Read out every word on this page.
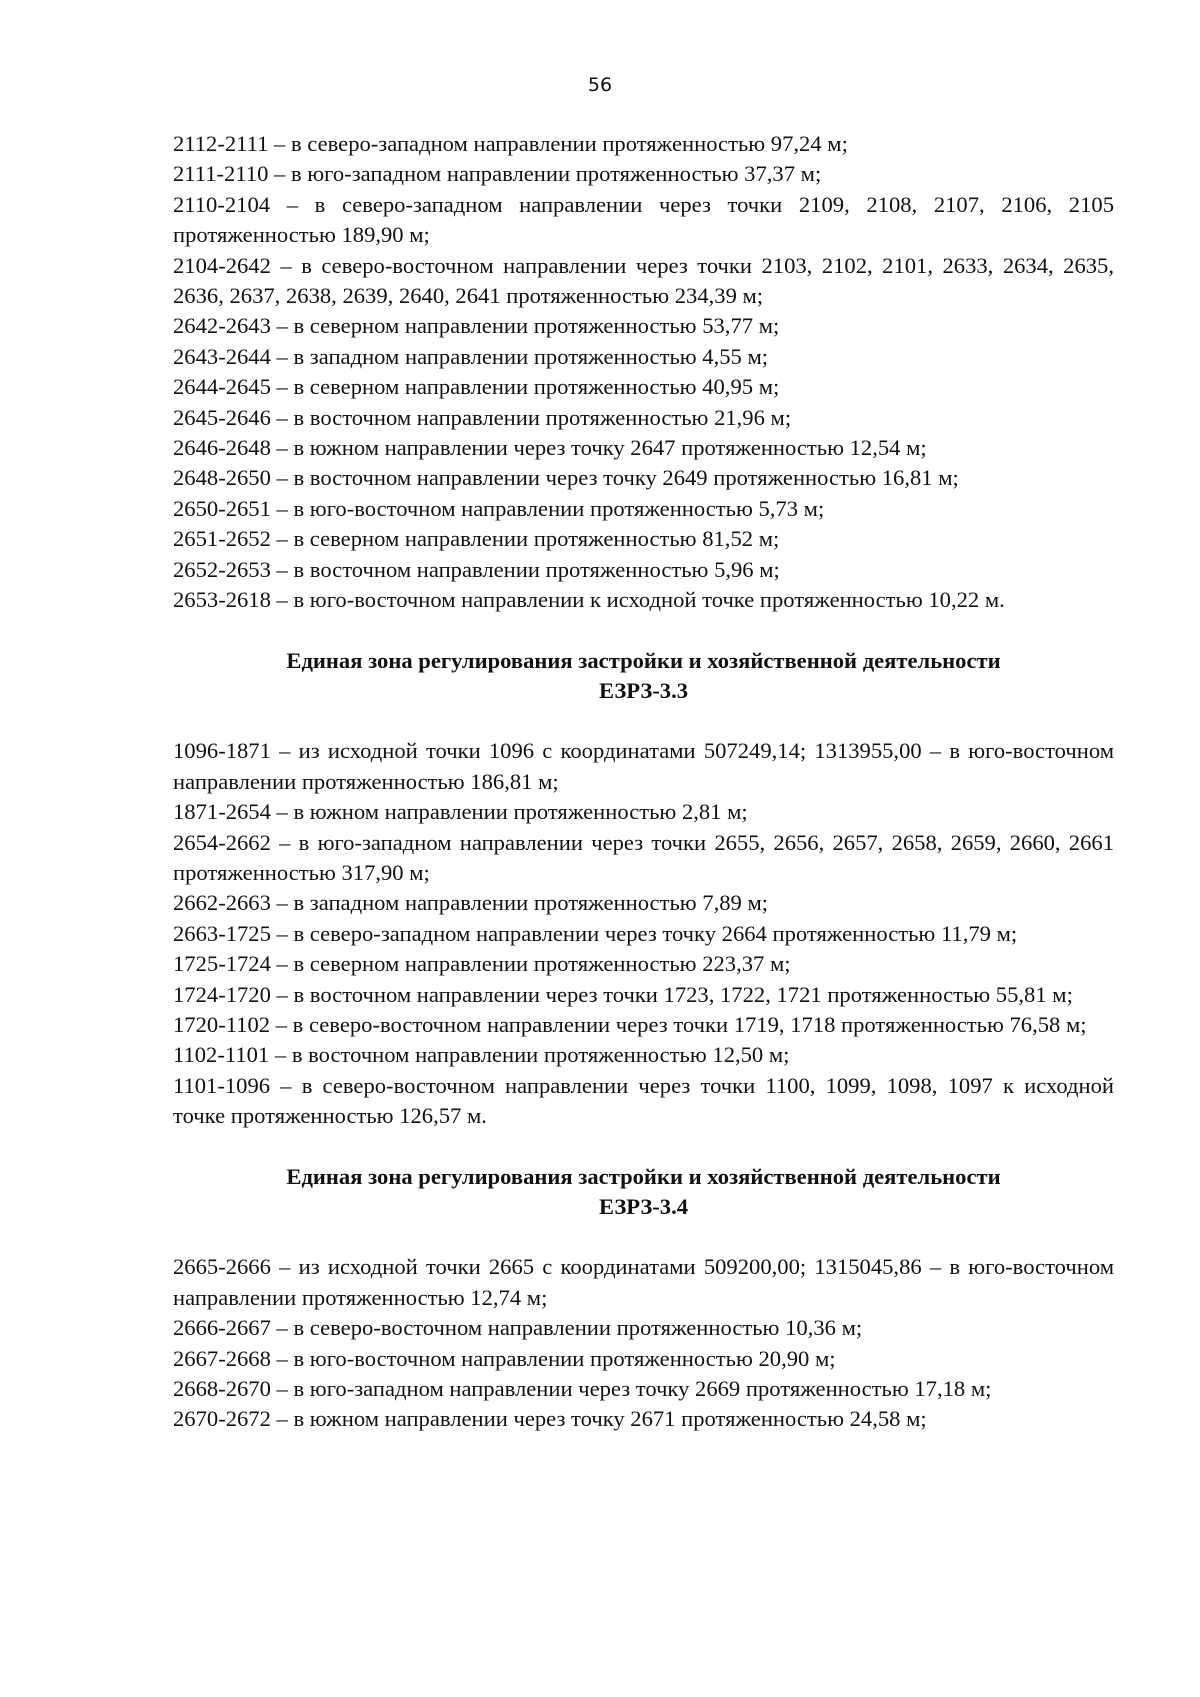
56

2112-2111 – в северо-западном направлении протяженностью 97,24 м;

2111-2110 – в юго-западном направлении протяженностью 37,37 м;

2110-2104 – в северо-западном направлении через точки 2109, 2108, 2107, 2106, 2105 протяженностью 189,90 м;

2104-2642 – в северо-восточном направлении через точки 2103, 2102, 2101, 2633, 2634, 2635, 2636, 2637, 2638, 2639, 2640, 2641 протяженностью 234,39 м;

2642-2643 – в северном направлении протяженностью 53,77 м;

2643-2644 – в западном направлении протяженностью 4,55 м;

2644-2645 – в северном направлении протяженностью 40,95 м;

2645-2646 – в восточном направлении протяженностью 21,96 м;

2646-2648 – в южном направлении через точку 2647 протяженностью 12,54 м;

2648-2650 – в восточном направлении через точку 2649 протяженностью 16,81 м;

2650-2651 – в юго-восточном направлении протяженностью 5,73 м;

2651-2652 – в северном направлении протяженностью 81,52 м;

2652-2653 – в восточном направлении протяженностью 5,96 м;

2653-2618 – в юго-восточном направлении к исходной точке протяженностью 10,22 м.

Единая зона регулирования застройки и хозяйственной деятельности

ЕЗРЗ-3.3

1096-1871 – из исходной точки 1096 с координатами 507249,14; 1313955,00 – в юго-восточном направлении протяженностью 186,81 м;

1871-2654 – в южном направлении протяженностью 2,81 м;

2654-2662 – в юго-западном направлении через точки 2655, 2656, 2657, 2658, 2659, 2660, 2661 протяженностью 317,90 м;

2662-2663 – в западном направлении протяженностью 7,89 м;

2663-1725 – в северо-западном направлении через точку 2664 протяженностью 11,79 м;

1725-1724 – в северном направлении протяженностью 223,37 м;

1724-1720 – в восточном направлении через точки 1723, 1722, 1721 протяженностью 55,81 м;

1720-1102 – в северо-восточном направлении через точки 1719, 1718 протяженностью 76,58 м;

1102-1101 – в восточном направлении протяженностью 12,50 м;

1101-1096 – в северо-восточном направлении через точки 1100, 1099, 1098, 1097 к исходной точке протяженностью 126,57 м.

Единая зона регулирования застройки и хозяйственной деятельности

ЕЗРЗ-3.4

2665-2666 – из исходной точки 2665 с координатами 509200,00; 1315045,86 – в юго-восточном направлении протяженностью 12,74 м;

2666-2667 – в северо-восточном направлении протяженностью 10,36 м;

2667-2668 – в юго-восточном направлении протяженностью 20,90 м;

2668-2670 – в юго-западном направлении через точку 2669 протяженностью 17,18 м;

2670-2672 – в южном направлении через точку 2671 протяженностью 24,58 м;
